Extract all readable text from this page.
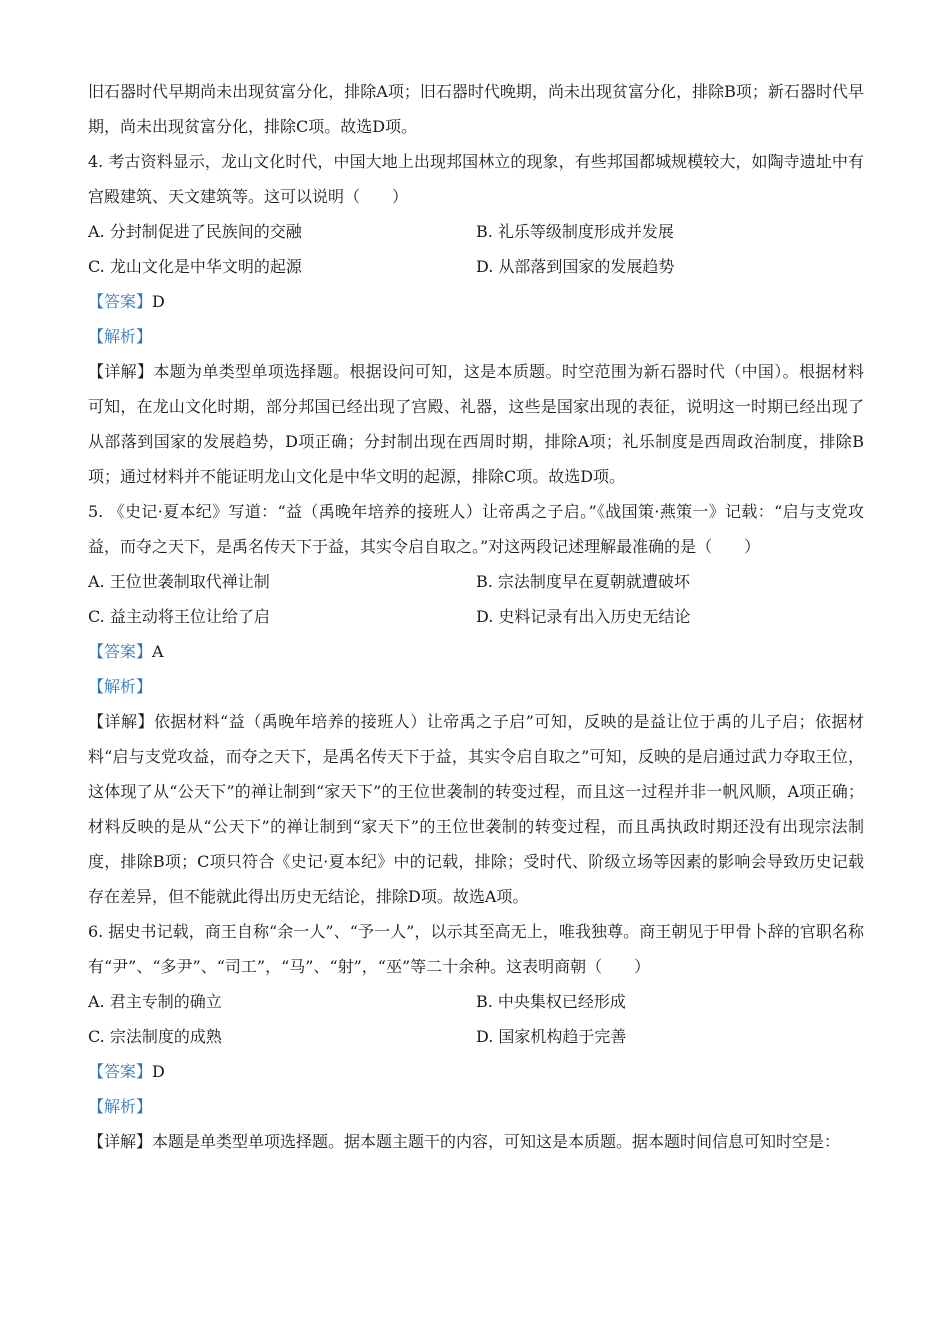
旧石器时代早期尚未出现贫富分化，排除A项；旧石器时代晚期，尚未出现贫富分化，排除B项；新石器时代早期，尚未出现贫富分化，排除C项。故选D项。

4. 考古资料显示，龙山文化时代，中国大地上出现邦国林立的现象，有些邦国都城规模较大，如陶寺遗址中有宫殿建筑、天文建筑等。这可以说明（　　）

A. 分封制促进了民族间的交融	B. 礼乐等级制度形成并发展

C. 龙山文化是中华文明的起源	D. 从部落到国家的发展趋势

【答案】D

【解析】

【详解】本题为单类型单项选择题。根据设问可知，这是本质题。时空范围为新石器时代（中国）。根据材料可知，在龙山文化时期，部分邦国已经出现了宫殿、礼器，这些是国家出现的表征，说明这一时期已经出现了从部落到国家的发展趋势，D项正确；分封制出现在西周时期，排除A项；礼乐制度是西周政治制度，排除B项；通过材料并不能证明龙山文化是中华文明的起源，排除C项。故选D项。

5. 《史记·夏本纪》写道：“益（禹晚年培养的接班人）让帝禹之子启。”《战国策·燕策一》记载：“启与支党攻益，而夺之天下，是禹名传天下于益，其实令启自取之。”对这两段记述理解最准确的是（　　）

A. 王位世袭制取代禅让制	B. 宗法制度早在夏朝就遭破坏

C. 益主动将王位让给了启	D. 史料记录有出入历史无结论

【答案】A

【解析】

【详解】依据材料“益（禹晚年培养的接班人）让帝禹之子启”可知，反映的是益让位于禹的儿子启；依据材料“启与支党攻益，而夺之天下，是禹名传天下于益，其实令启自取之”可知，反映的是启通过武力夺取王位，这体现了从“公天下”的禅让制到“家天下”的王位世袭制的转变过程，而且这一过程并非一帆风顺，A项正确；材料反映的是从“公天下”的禅让制到“家天下”的王位世袭制的转变过程，而且禹执政时期还没有出现宗法制度，排除B项；C项只符合《史记·夏本纪》中的记载，排除；受时代、阶级立场等因素的影响会导致历史记载存在差异，但不能就此得出历史无结论，排除D项。故选A项。

6. 据史书记载，商王自称“余一人”、“予一人”，以示其至高无上，唯我独尊。商王朝见于甲骨卜辞的官职名称有“尹”、“多尹”、“司工”，“马”、“射”，“巫”等二十余种。这表明商朝（　　）

A. 君主专制的确立	B. 中央集权已经形成

C. 宗法制度的成熟	D. 国家机构趋于完善

【答案】D

【解析】

【详解】本题是单类型单项选择题。据本题主题干的内容，可知这是本质题。据本题时间信息可知时空是：
